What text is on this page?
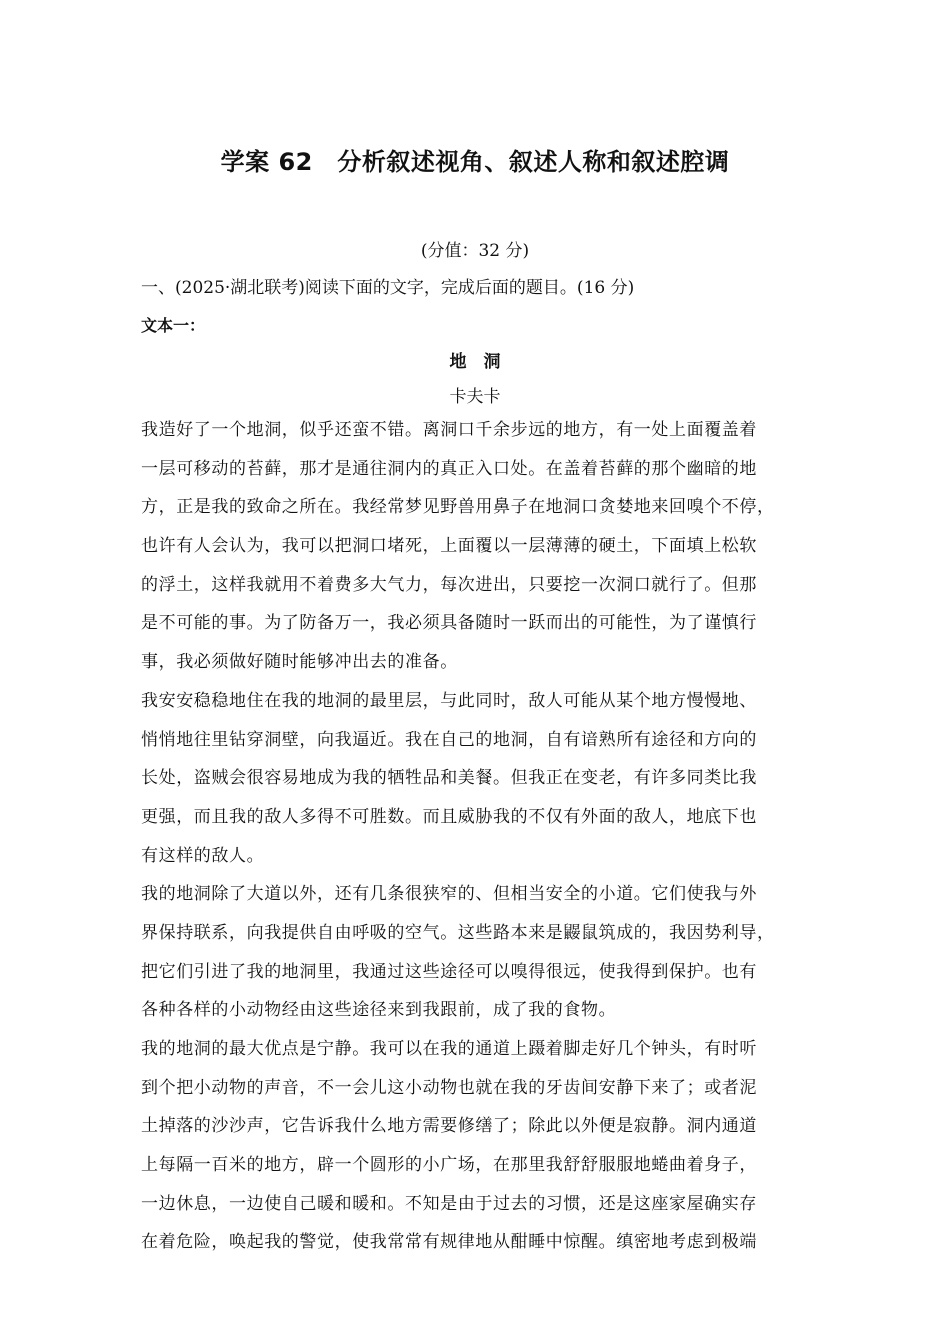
学案 62　分析叙述视角、叙述人称和叙述腔调
(分值：32 分)
一、(2025·湖北联考)阅读下面的文字，完成后面的题目。(16 分)
文本一：
地　洞
卡夫卡
我造好了一个地洞，似乎还蛮不错。离洞口千余步远的地方，有一处上面覆盖着
一层可移动的苔藓，那才是通往洞内的真正入口处。在盖着苔藓的那个幽暗的地
方，正是我的致命之所在。我经常梦见野兽用鼻子在地洞口贪婪地来回嗅个不停，
也许有人会认为，我可以把洞口堵死，上面覆以一层薄薄的硬土，下面填上松软
的浮土，这样我就用不着费多大气力，每次进出，只要挖一次洞口就行了。但那
是不可能的事。为了防备万一，我必须具备随时一跃而出的可能性，为了谨慎行
事，我必须做好随时能够冲出去的准备。
我安安稳稳地住在我的地洞的最里层，与此同时，敌人可能从某个地方慢慢地、
悄悄地往里钻穿洞壁，向我逼近。我在自己的地洞，自有谙熟所有途径和方向的
长处，盗贼会很容易地成为我的牺牲品和美餐。但我正在变老，有许多同类比我
更强，而且我的敌人多得不可胜数。而且威胁我的不仅有外面的敌人，地底下也
有这样的敌人。
我的地洞除了大道以外，还有几条很狭窄的、但相当安全的小道。它们使我与外
界保持联系，向我提供自由呼吸的空气。这些路本来是鼹鼠筑成的，我因势利导，
把它们引进了我的地洞里，我通过这些途径可以嗅得很远，使我得到保护。也有
各种各样的小动物经由这些途径来到我跟前，成了我的食物。
我的地洞的最大优点是宁静。我可以在我的通道上蹑着脚走好几个钟头，有时听
到个把小动物的声音，不一会儿这小动物也就在我的牙齿间安静下来了；或者泥
土掉落的沙沙声，它告诉我什么地方需要修缮了；除此以外便是寂静。洞内通道
上每隔一百米的地方，辟一个圆形的小广场，在那里我舒舒服服地蜷曲着身子，
一边休息，一边使自己暖和暖和。不知是由于过去的习惯，还是这座家屋确实存
在着危险，唤起我的警觉，使我常常有规律地从酣睡中惊醒。缜密地考虑到极端
